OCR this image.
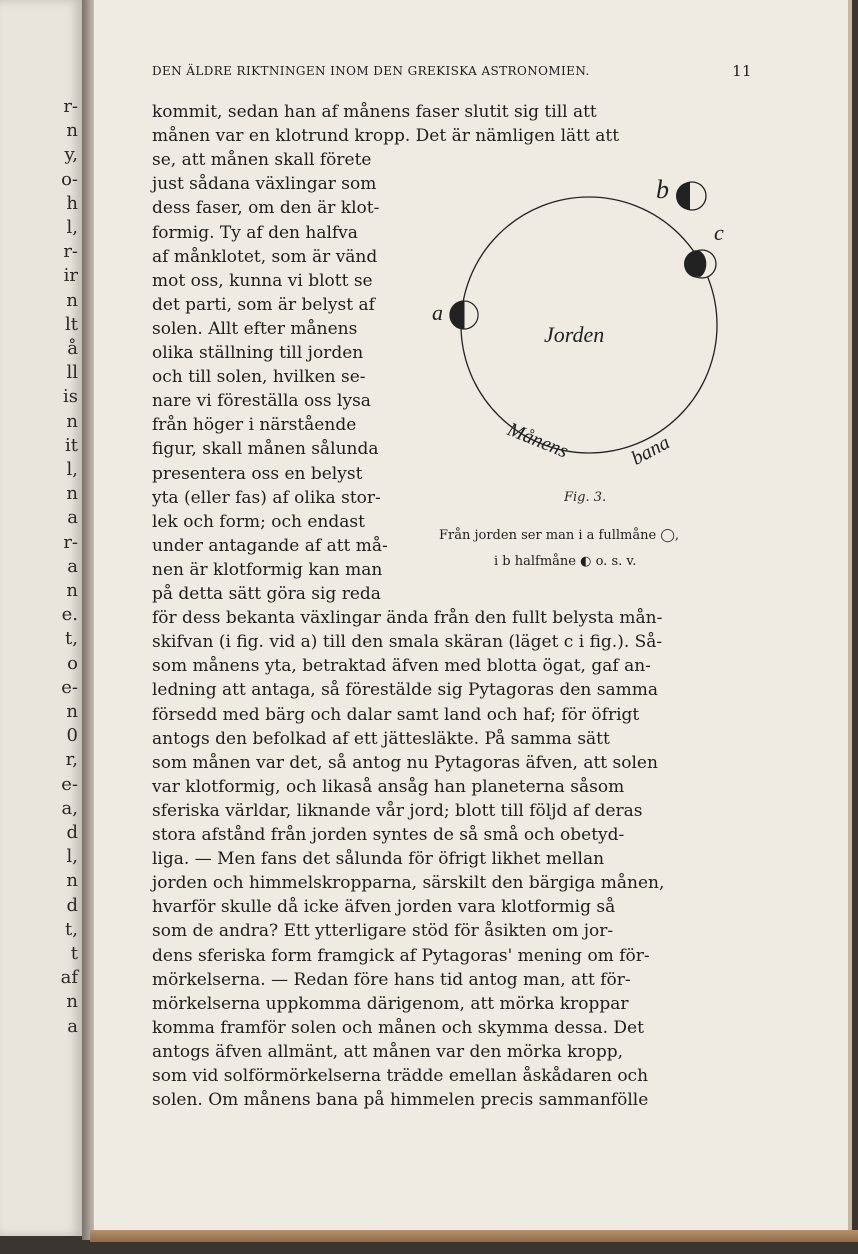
r-
n
y,
o-
h
l,
r-
ir
n
lt
å
ll
is
n
it
l,
n
a
r-
a
n
e.
t,
o
e-
n
0
r,
e-
a,
d
l,
n
d
t,
t
af
n
a
DEN ÄLDRE RIKTNINGEN INOM DEN GREKISKA ASTRONOMIEN.	11
kommit, sedan han af månens faser slutit sig till att
månen var en klotrund kropp. Det är nämligen lätt att
se, att månen skall förete
just sådana växlingar som
dess faser, om den är klot-
formig. Ty af den halfva
af månklotet, som är vänd
mot oss, kunna vi blott se
det parti, som är belyst af
solen. Allt efter månens
olika ställning till jorden
och till solen, hvilken se-
nare vi föreställa oss lysa
från höger i närstående
figur, skall månen sålunda
presentera oss en belyst
yta (eller fas) af olika stor-
lek och form; och endast
under antagande af att må-
nen är klotformig kan man
på detta sätt göra sig reda
för dess bekanta växlingar ända från den fullt belysta mån-
skifvan (i fig. vid a) till den smala skäran (läget c i fig.). Så-
som månens yta, betraktad äfven med blotta ögat, gaf an-
ledning att antaga, så förestälde sig Pytagoras den samma
försedd med bärg och dalar samt land och haf; för öfrigt
antogs den befolkad af ett jättesläkte. På samma sätt
som månen var det, så antog nu Pytagoras äfven, att solen
var klotformig, och likaså ansåg han planeterna såsom
sferiska världar, liknande vår jord; blott till följd af deras
stora afstånd från jorden syntes de så små och obetyd-
liga. — Men fans det sålunda för öfrigt likhet mellan
jorden och himmelskropparna, särskilt den bärgiga månen,
hvarför skulle då icke äfven jorden vara klotformig så
som de andra? Ett ytterligare stöd för åsikten om jor-
dens sferiska form framgick af Pytagoras' mening om för-
mörkelserna. — Redan före hans tid antog man, att för-
mörkelserna uppkomma därigenom, att mörka kroppar
komma framför solen och månen och skymma dessa. Det
antogs äfven allmänt, att månen var den mörka kropp,
som vid solförmörkelserna trädde emellan åskådaren och
solen. Om månens bana på himmelen precis sammanfölle
b
c
a
Jorden
Månens	bana
Fig. 3.
Från jorden ser man i a fullmåne ◯,
i b halfmåne ◐ o. s. v.
